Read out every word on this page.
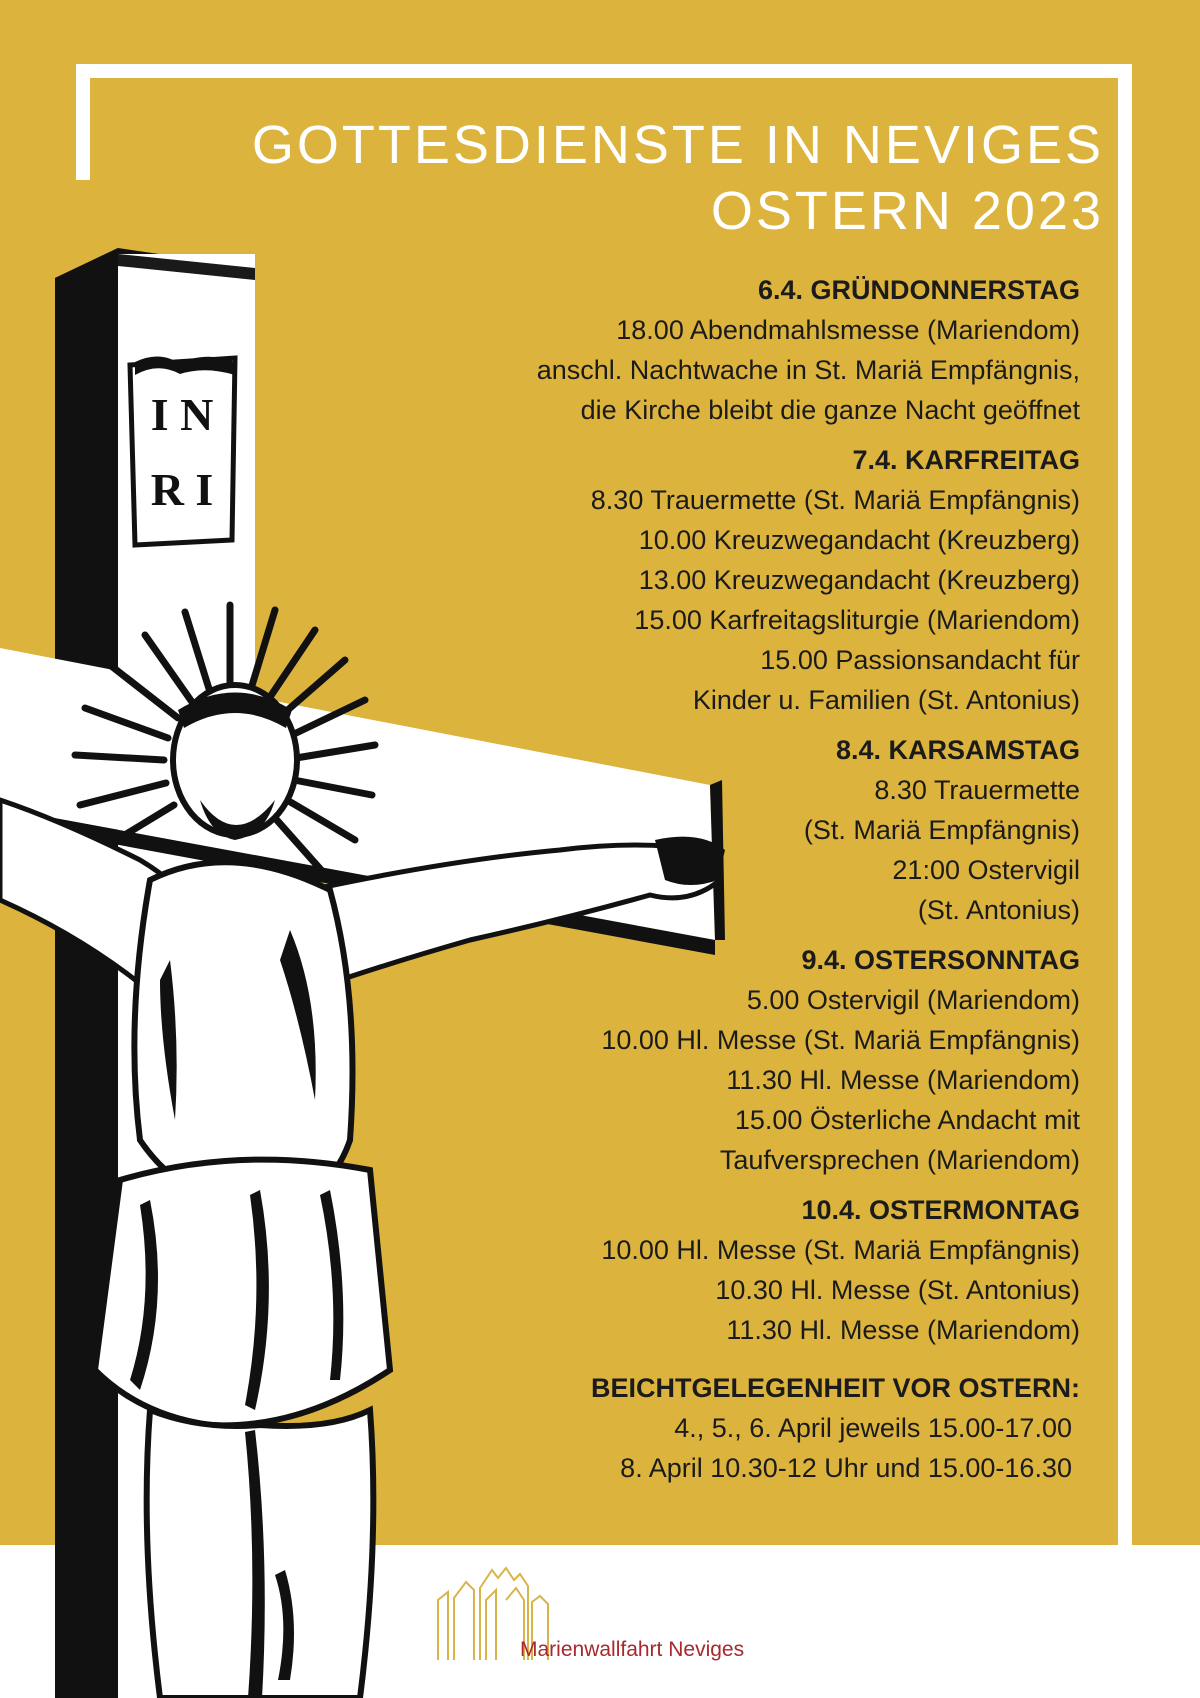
I N
R I
GOTTESDIENSTE IN NEVIGES
OSTERN 2023
6.4. GRÜNDONNERSTAG
18.00 Abendmahlsmesse (Mariendom)
anschl. Nachtwache in St. Mariä Empfängnis,
die Kirche bleibt die ganze Nacht geöffnet
7.4. KARFREITAG
8.30 Trauermette (St. Mariä Empfängnis)
10.00 Kreuzwegandacht (Kreuzberg)
13.00 Kreuzwegandacht (Kreuzberg)
15.00 Karfreitagsliturgie (Mariendom)
15.00 Passionsandacht für
Kinder u. Familien (St. Antonius)
8.4. KARSAMSTAG
8.30 Trauermette
(St. Mariä Empfängnis)
21:00 Ostervigil
(St. Antonius)
9.4. OSTERSONNTAG
5.00 Ostervigil (Mariendom)
10.00 Hl. Messe (St. Mariä Empfängnis)
11.30 Hl. Messe (Mariendom)
15.00 Österliche Andacht mit
Taufversprechen (Mariendom)
10.4. OSTERMONTAG
10.00 Hl. Messe (St. Mariä Empfängnis)
10.30 Hl. Messe (St. Antonius)
11.30 Hl. Messe (Mariendom)
BEICHTGELEGENHEIT VOR OSTERN:
4., 5., 6. April jeweils 15.00-17.00
8. April 10.30-12 Uhr und 15.00-16.30
Marienwallfahrt Neviges
